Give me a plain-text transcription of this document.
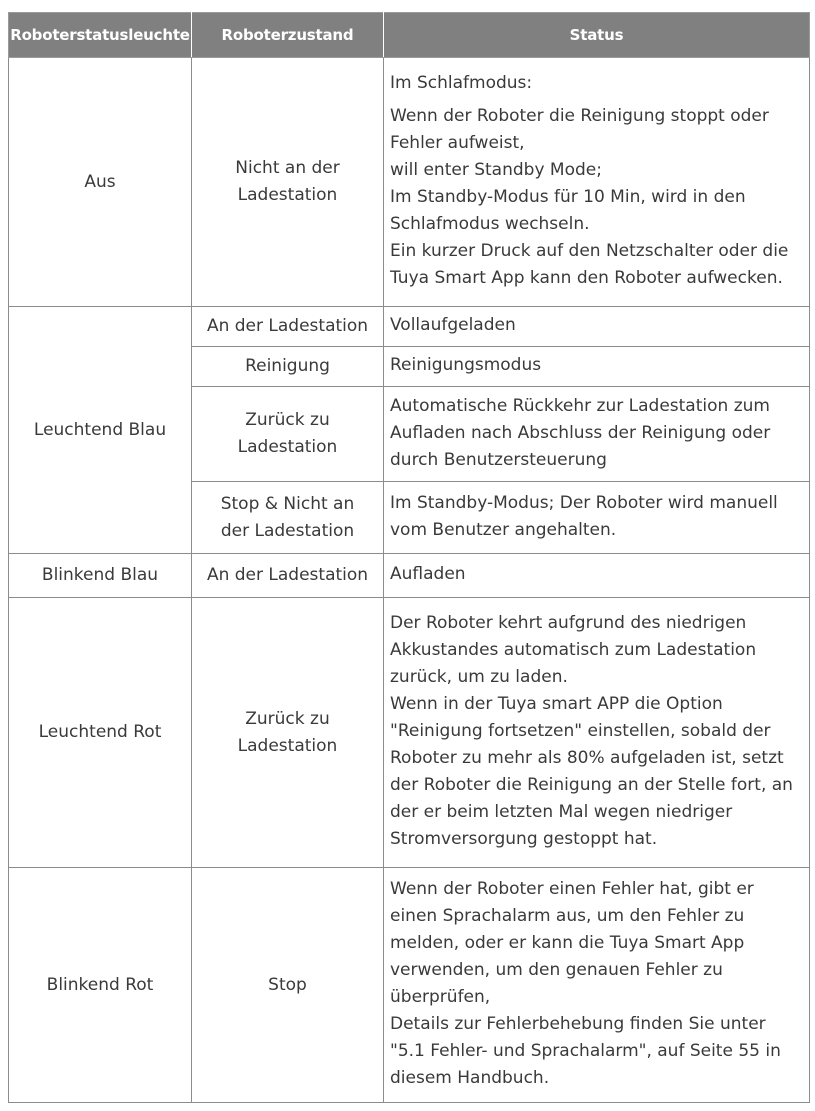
Roboterstatusleuchte	Roboterzustand	Status
Aus	Nicht an der Ladestation	Im Schlafmodus:

Wenn der Roboter die Reinigung stoppt oder Fehler aufweist,
will enter Standby Mode;
Im Standby-Modus für 10 Min, wird in den Schlafmodus wechseln.
Ein kurzer Druck auf den Netzschalter oder die Tuya Smart App kann den Roboter aufwecken.

Leuchtend Blau	An der Ladestation	Vollaufgeladen
	Reinigung	Reinigungsmodus
	Zurück zu Ladestation	Automatische Rückkehr zur Ladestation zum Aufladen nach Abschluss der Reinigung oder durch Benutzersteuerung
	Stop & Nicht an der Ladestation	Im Standby-Modus; Der Roboter wird manuell vom Benutzer angehalten.
Blinkend Blau	An der Ladestation	Aufladen
Leuchtend Rot	Zurück zu Ladestation	Der Roboter kehrt aufgrund des niedrigen Akkustandes automatisch zum Ladestation zurück, um zu laden.
Wenn in der Tuya smart APP die Option "Reinigung fortsetzen" einstellen, sobald der Roboter zu mehr als 80% aufgeladen ist, setzt der Roboter die Reinigung an der Stelle fort, an der er beim letzten Mal wegen niedriger Stromversorgung gestoppt hat.

Blinkend Rot	Stop	Wenn der Roboter einen Fehler hat, gibt er einen Sprachalarm aus, um den Fehler zu melden, oder er kann die Tuya Smart App verwenden, um den genauen Fehler zu überprüfen,
Details zur Fehlerbehebung finden Sie unter "5.1 Fehler- und Sprachalarm", auf Seite 55 in diesem Handbuch.
